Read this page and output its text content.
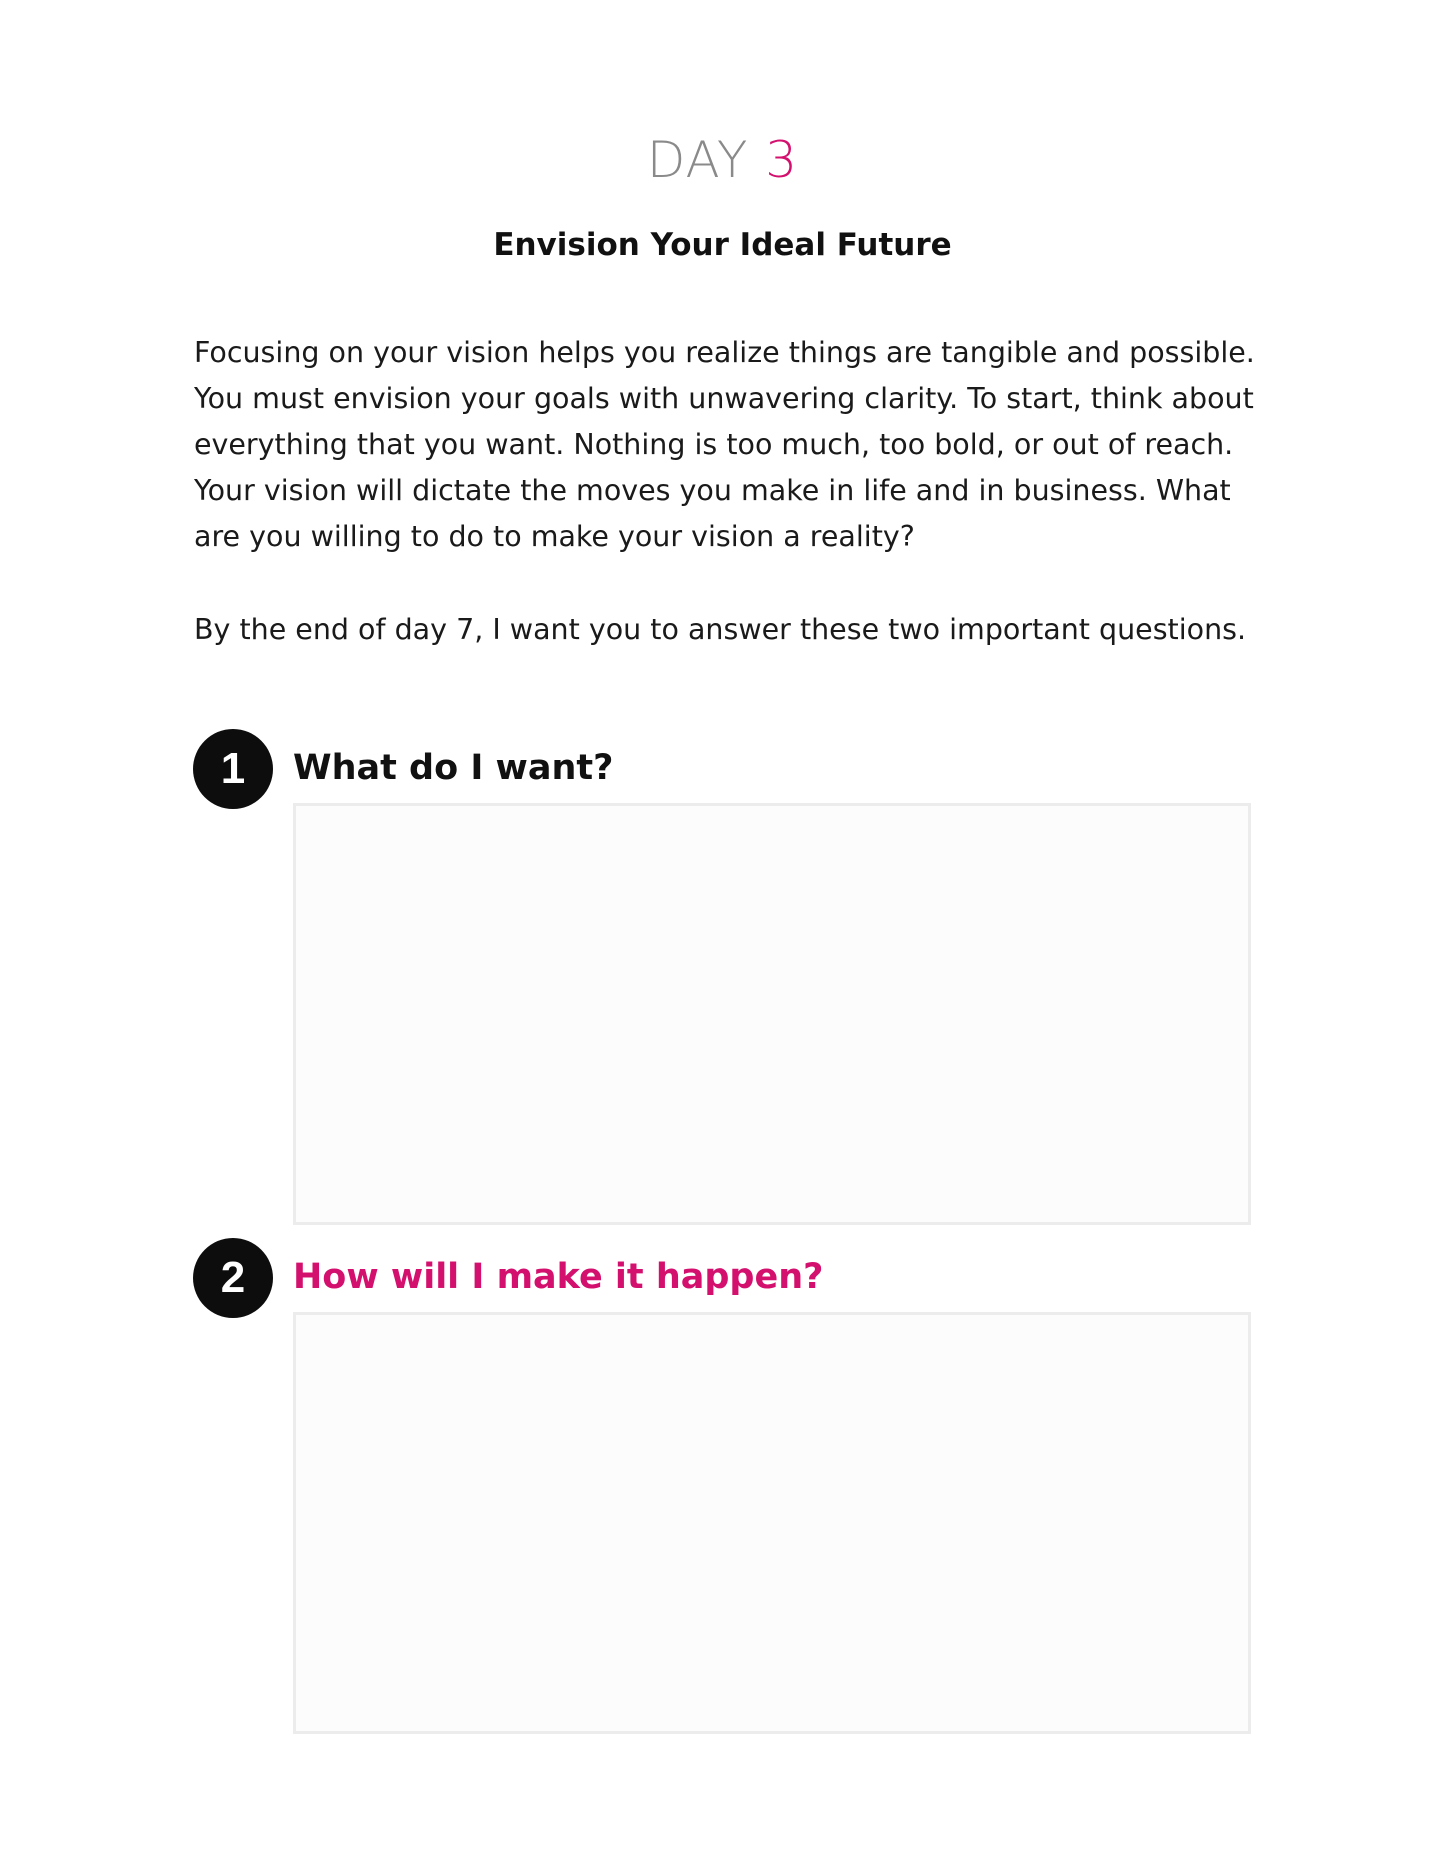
DAY 3
Envision Your Ideal Future

Focusing on your vision helps you realize things are tangible and possible. You must envision your goals with unwavering clarity. To start, think about everything that you want. Nothing is too much, too bold, or out of reach. Your vision will dictate the moves you make in life and in business. What are you willing to do to make your vision a reality?

By the end of day 7, I want you to answer these two important questions.

1	What do I want?
2	How will I make it happen?
